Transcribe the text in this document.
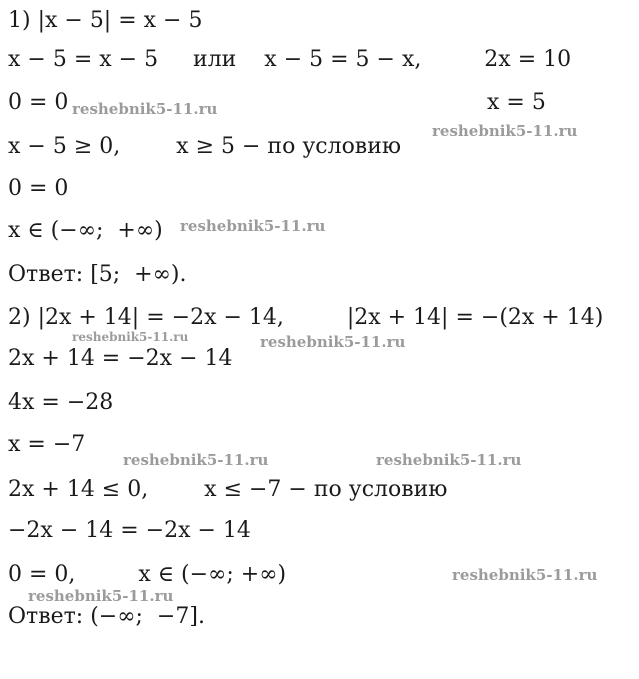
1) |x − 5| = x − 5
x − 5 = x − 5     или    x − 5 = 5 − x,         2x = 10
0 = 0	x = 5
x − 5 ≥ 0,        x ≥ 5 − по условию
0 = 0
x ∈ (−∞;  +∞)
Ответ: [5;  +∞).
2) |2x + 14| = −2x − 14,         |2x + 14| = −(2x + 14)
2x + 14 = −2x − 14
4x = −28
x = −7
2x + 14 ≤ 0,        x ≤ −7 − по условию
−2x − 14 = −2x − 14
0 = 0,         x ∈ (−∞; +∞)
Ответ: (−∞;  −7].
reshebnik5-11.ru
reshebnik5-11.ru
reshebnik5-11.ru
reshebnik5-11.ru	reshebnik5-11.ru
reshebnik5-11.ru	reshebnik5-11.ru
reshebnik5-11.ru
reshebnik5-11.ru
